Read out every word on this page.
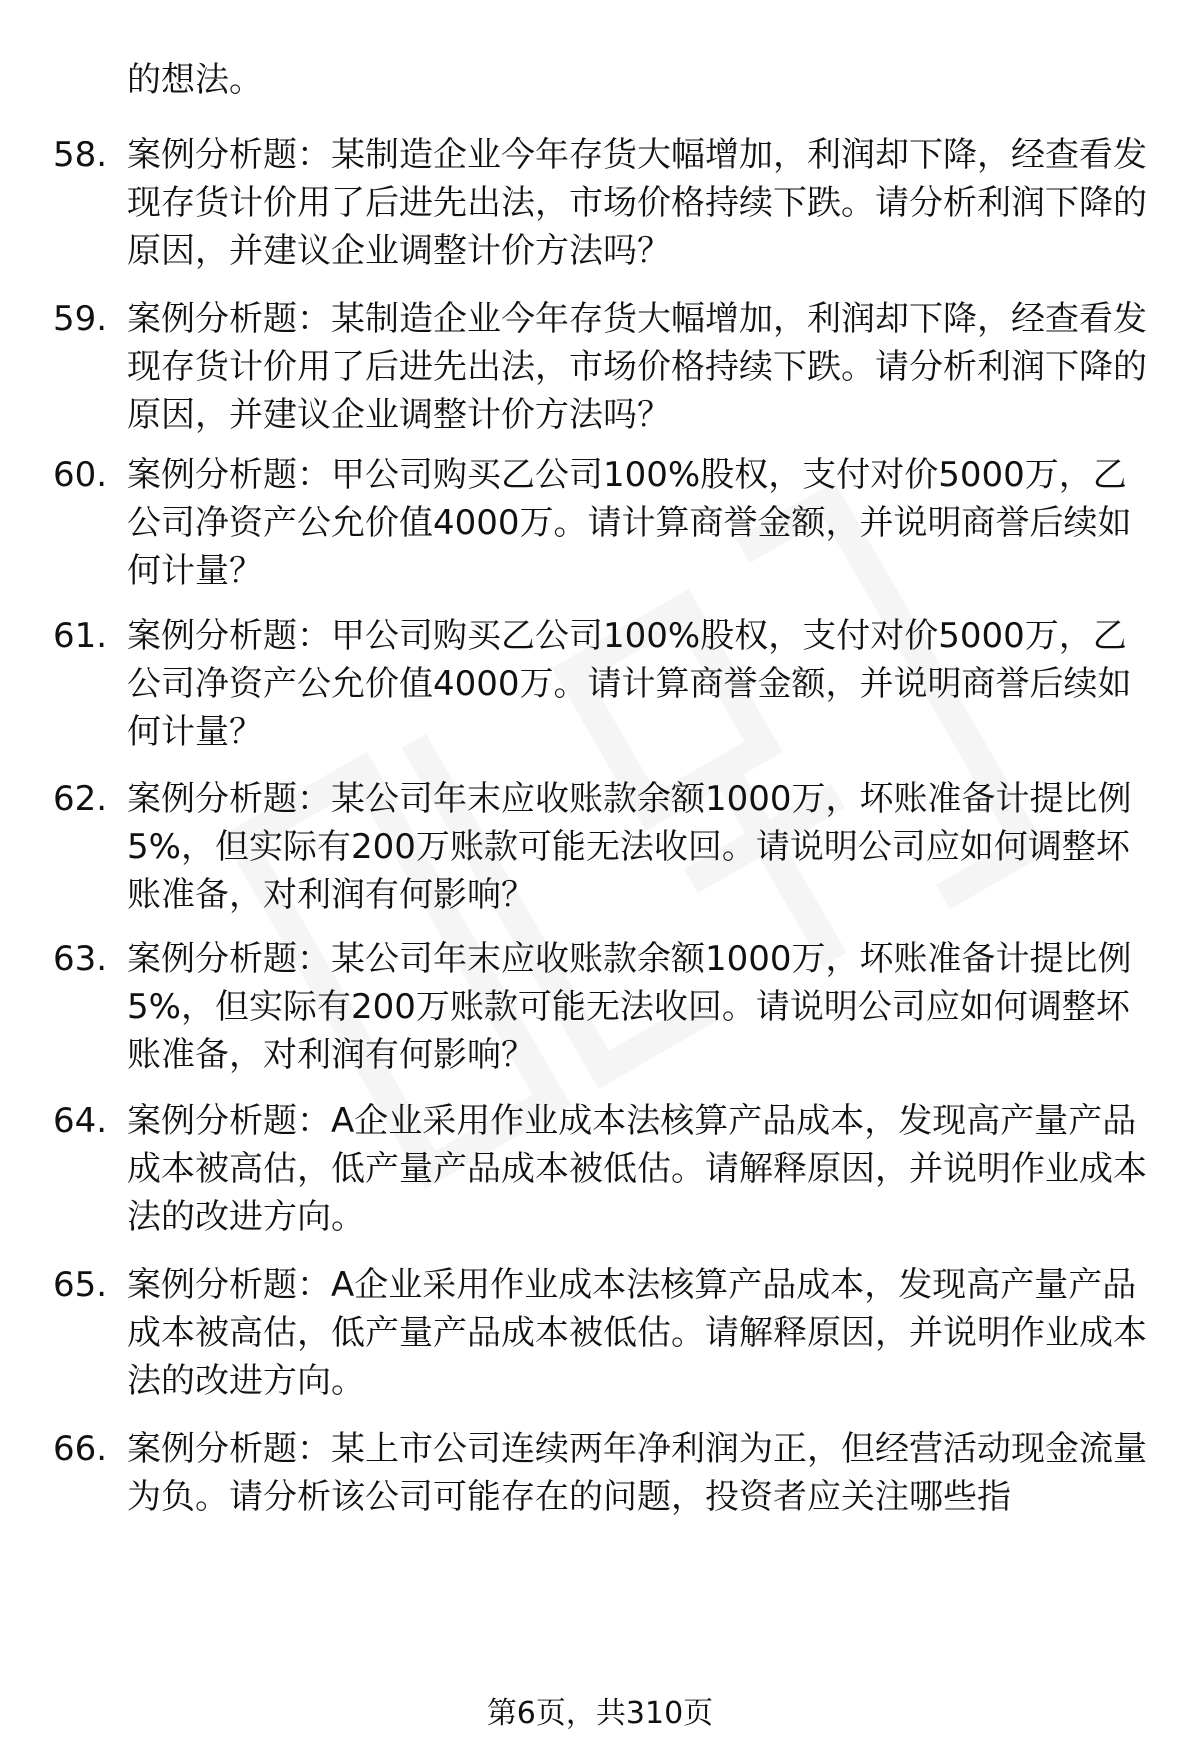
的想法。

58. 案例分析题：某制造企业今年存货大幅增加，利润却下降，经查看发现存货计价用了后进先出法，市场价格持续下跌。请分析利润下降的原因，并建议企业调整计价方法吗？

59. 案例分析题：某制造企业今年存货大幅增加，利润却下降，经查看发现存货计价用了后进先出法，市场价格持续下跌。请分析利润下降的原因，并建议企业调整计价方法吗？

60. 案例分析题：甲公司购买乙公司100%股权，支付对价5000万，乙公司净资产公允价值4000万。请计算商誉金额，并说明商誉后续如何计量？

61. 案例分析题：甲公司购买乙公司100%股权，支付对价5000万，乙公司净资产公允价值4000万。请计算商誉金额，并说明商誉后续如何计量？

62. 案例分析题：某公司年末应收账款余额1000万，坏账准备计提比例5%，但实际有200万账款可能无法收回。请说明公司应如何调整坏账准备，对利润有何影响？

63. 案例分析题：某公司年末应收账款余额1000万，坏账准备计提比例5%，但实际有200万账款可能无法收回。请说明公司应如何调整坏账准备，对利润有何影响？

64. 案例分析题：A企业采用作业成本法核算产品成本，发现高产量产品成本被高估，低产量产品成本被低估。请解释原因，并说明作业成本法的改进方向。

65. 案例分析题：A企业采用作业成本法核算产品成本，发现高产量产品成本被高估，低产量产品成本被低估。请解释原因，并说明作业成本法的改进方向。

66. 案例分析题：某上市公司连续两年净利润为正，但经营活动现金流量为负。请分析该公司可能存在的问题，投资者应关注哪些指

第6页，共310页
